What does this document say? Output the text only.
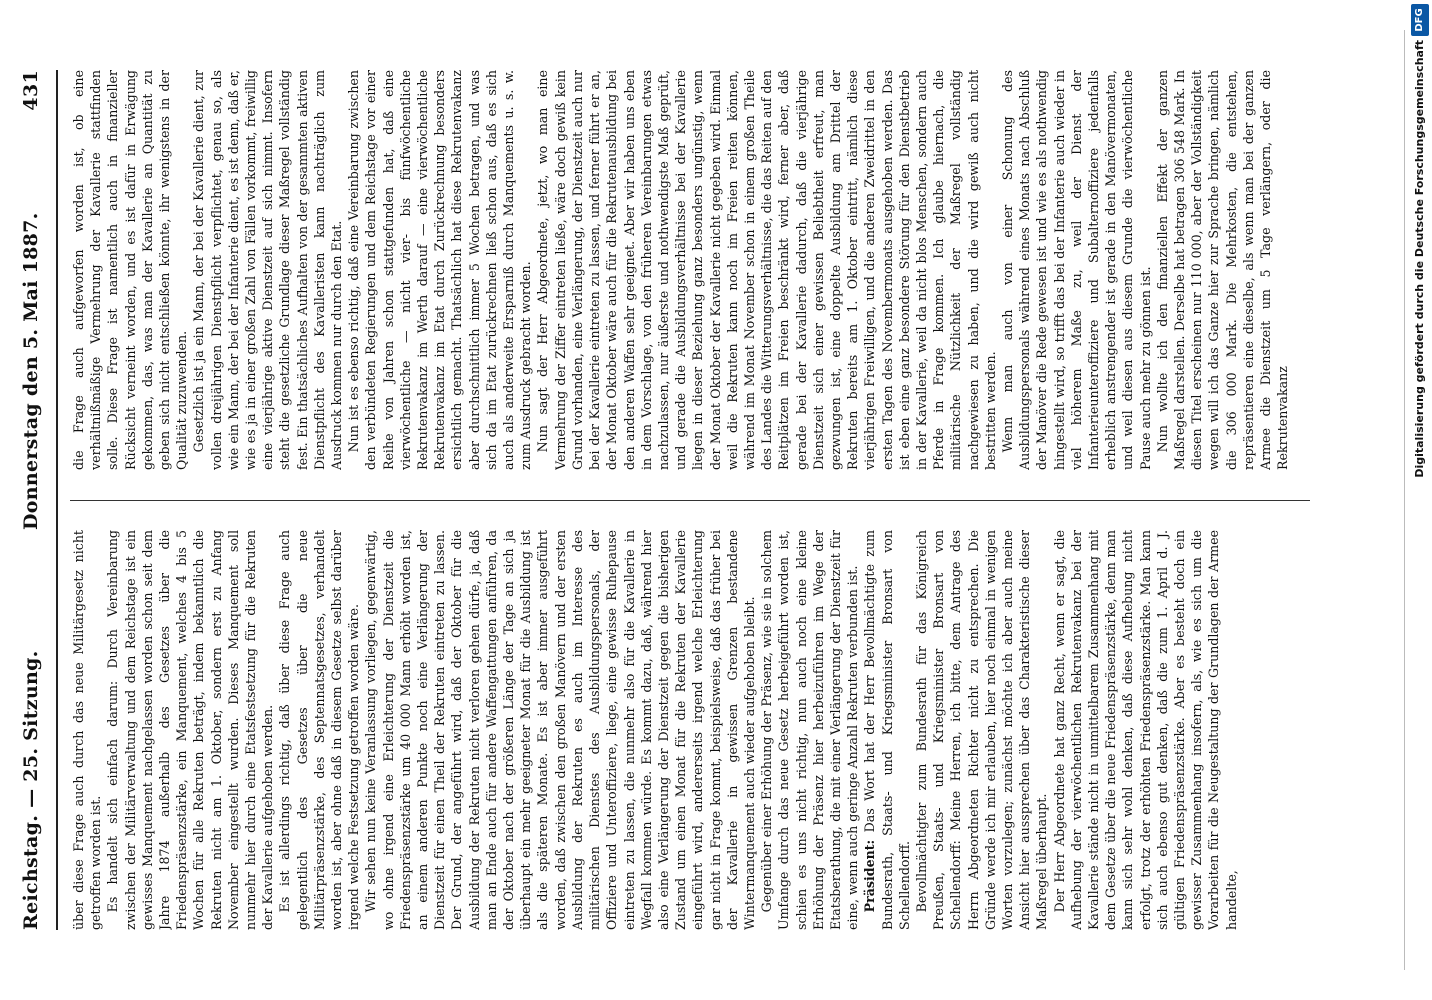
Reichstag. — 25. Sitzung.
Donnerstag den 5. Mai 1887.
431

über diese Frage auch durch das neue Militärgesetz nicht getroffen worden ist. Es handelt sich einfach darum: Durch Vereinbarung zwischen der Militärverwaltung und dem Reichstage ist ein gewisses Manquement nachgelassen worden schon seit dem Jahre 1874 außerhalb des Gesetzes über die Friedenspräsenzstärke, ein Manquement, welches 4 bis 5 Wochen für alle Rekruten beträgt, indem bekanntlich die Rekruten nicht am 1. Oktober, sondern erst zu Anfang November eingestellt wurden. Dieses Manquement soll nunmehr hier durch eine Etatsfestsetzung für die Rekruten der Kavallerie aufgehoben werden. Es ist allerdings richtig, daß über diese Frage auch gelegentlich des Gesetzes über die neue Militärpräsenzstärke, des Septennatsgesetzes, verhandelt worden ist, aber ohne daß in diesem Gesetze selbst darüber irgend welche Festsetzung getroffen worden wäre. Wir sehen nun keine Veranlassung vorliegen, gegenwärtig, wo ohne irgend eine Erleichterung der Dienstzeit die Friedenspräsenzstärke um 40 000 Mann erhöht worden ist, an einem anderen Punkte noch eine Verlängerung der Dienstzeit für einen Theil der Rekruten eintreten zu lassen. Der Grund, der angeführt wird, daß der Oktober für die Ausbildung der Rekruten nicht verloren gehen dürfe, ja, daß man an Ende auch für andere Waffengattungen anführen, da der Oktober nach der größeren Länge der Tage an sich ja überhaupt ein mehr geeigneter Monat für die Ausbildung ist als die späteren Monate. Es ist aber immer ausgeführt worden, daß zwischen den großen Manövern und der ersten Ausbildung der Rekruten es auch im Interesse des militärischen Dienstes des Ausbildungspersonals, der Offiziere und Unteroffiziere, liege, eine gewisse Ruhepause eintreten zu lassen, die nunmehr also für die Kavallerie in Wegfall kommen würde. Es kommt dazu, daß, während hier also eine Verlängerung der Dienstzeit gegen die bisherigen Zustand um einen Monat für die Rekruten der Kavallerie eingeführt wird, andererseits irgend welche Erleichterung gar nicht in Frage kommt, beispielsweise, daß das früher bei der Kavallerie in gewissen Grenzen bestandene Wintermanquement auch wieder aufgehoben bleibt. Gegenüber einer Erhöhung der Präsenz, wie sie in solchem Umfange durch das neue Gesetz herbeigeführt worden ist, schien es uns nicht richtig, nun auch noch eine kleine Erhöhung der Präsenz hier herbeizuführen im Wege der Etatsberathung, die mit einer Verlängerung der Dienstzeit für eine, wenn auch geringe Anzahl Rekruten verbunden ist. Präsident: Das Wort hat der Herr Bevollmächtigte zum Bundesrath, Staats- und Kriegsminister Bronsart von Schellendorff. Bevollmächtigter zum Bundesrath für das Königreich Preußen, Staats- und Kriegsminister Bronsart von Schellendorff: Meine Herren, ich bitte, dem Antrage des Herrn Abgeordneten Richter nicht zu entsprechen. Die Gründe werde ich mir erlauben, hier noch einmal in wenigen Worten vorzulegen; zunächst möchte ich aber auch meine Ansicht hier aussprechen über das Charakteristische dieser Maßregel überhaupt. Der Herr Abgeordnete hat ganz Recht, wenn er sagt, die Aufhebung der vierwöchentlichen Rekrutenvakanz bei der Kavallerie stände nicht in unmittelbarem Zusammenhang mit dem Gesetze über die neue Friedenspräsenzstärke, denn man kann sich sehr wohl denken, daß diese Aufhebung nicht erfolgt, trotz der erhöhten Friedenspräsenzstärke. Man kann sich auch ebenso gut denken, daß die zum 1. April d. J. gültigen Friedenspräsenzstärke. Aber es besteht doch ein gewisser Zusammenhang insofern, als, wie es sich um die Vorarbeiten für die Neugestaltung der Grundlagen der Armee handelte,

die Frage auch aufgeworfen worden ist, ob eine verhältnißmäßige Vermehrung der Kavallerie stattfinden solle. Diese Frage ist namentlich auch in finanzieller Rücksicht verneint worden, und es ist dafür in Erwägung gekommen, das, was man der Kavallerie an Quantität zu geben sich nicht entschließen könnte, ihr wenigstens in der Qualität zuzuwenden. Gesetzlich ist ja ein Mann, der bei der Kavallerie dient, zur vollen dreijährigen Dienstpflicht verpflichtet, genau so, als wie ein Mann, der bei der Infanterie dient, es ist denn, daß er, wie es ja in einer großen Zahl von Fällen vorkommt, freiwillig eine vierjährige aktive Dienstzeit auf sich nimmt. Insofern steht die gesetzliche Grundlage dieser Maßregel vollständig fest. Ein thatsächliches Aufhalten von der gesammten aktiven Dienstpflicht des Kavalleristen kann nachträglich zum Ausdruck kommen nur durch den Etat. Nun ist es ebenso richtig, daß eine Vereinbarung zwischen den verbündeten Regierungen und dem Reichstage vor einer Reihe von Jahren schon stattgefunden hat, daß eine vierwöchentliche — nicht vier- bis fünfwöchentliche Rekrutenvakanz im Werth darauf — eine vierwöchentliche Rekrutenvakanz im Etat durch Zurückrechnung besonders ersichtlich gemacht. Thatsächlich hat diese Rekrutenvakanz aber durchschnittlich immer 5 Wochen betragen, und was sich da im Etat zurückrechnen ließ schon aus, daß es sich auch als anderweite Ersparniß durch Manquements u. s. w. zum Ausdruck gebracht worden. Nun sagt der Herr Abgeordnete, jetzt, wo man eine Vermehrung der Ziffer eintreten ließe, wäre doch gewiß kein Grund vorhanden, eine Verlängerung, der Dienstzeit auch nur bei der Kavallerie eintreten zu lassen, und ferner führt er an, der Monat Oktober wäre auch für die Rekrutenausbildung bei den anderen Waffen sehr geeignet. Aber wir haben uns eben in dem Vorschlage, von den früheren Vereinbarungen etwas nachzulassen, nur äußerste und nothwendigste Maß geprüft, und gerade die Ausbildungsverhältnisse bei der Kavallerie liegen in dieser Beziehung ganz besonders ungünstig, wenn der Monat Oktober der Kavallerie nicht gegeben wird. Einmal weil die Rekruten kann noch im Freien reiten können, während im Monat November schon in einem großen Theile des Landes die Witterungsverhältnisse, die das Reiten auf den Reitplätzen im Freien beschränkt wird, ferner aber, daß gerade bei der Kavallerie dadurch, daß die vierjährige Dienstzeit sich einer gewissen Beliebtheit erfreut, man gezwungen ist, eine doppelte Ausbildung am Drittel der Rekruten bereits am 1. Oktober eintritt, nämlich diese vierjährigen Freiwilligen, und die anderen Zweidrittel in den ersten Tagen des Novembermonats ausgehoben werden. Das ist eben eine ganz besondere Störung für den Dienstbetrieb in der Kavallerie, weil da nicht blos Menschen, sondern auch Pferde in Frage kommen. Ich glaube hiernach, die militärische Nützlichkeit der Maßregel vollständig nachgewiesen zu haben, und die wird gewiß auch nicht bestritten werden. Wenn man auch von einer Schonung des Ausbildungspersonals während eines Monats nach Abschluß der Manöver die Rede gewesen ist und wie es als nothwendig hingestellt wird, so trifft das bei der Infanterie auch wieder in viel höherem Maße zu, weil der Dienst der Infanterieunteroffiziere und Subalternoffiziere jedenfalls erheblich anstrengender ist gerade in den Manövermonaten, und weil diesen aus diesem Grunde die vierwöchentliche Pause auch mehr zu gönnen ist. Nun wollte ich den finanziellen Effekt der ganzen Maßregel darstellen. Derselbe hat betragen 306 548 Mark. In diesen Titel erscheinen nur 110 000, aber der Vollständigkeit wegen will ich das Ganze hier zur Sprache bringen, nämlich die 306 000 Mark. Die Mehrkosten, die entstehen, repräsentieren eine dieselbe, als wenn man bei der ganzen Armee die Dienstzeit um 5 Tage verlängern, oder die Rekrutenvakanz	Digitalisierung gefördert durch die Deutsche Forschungsgemeinschaft
DFG
